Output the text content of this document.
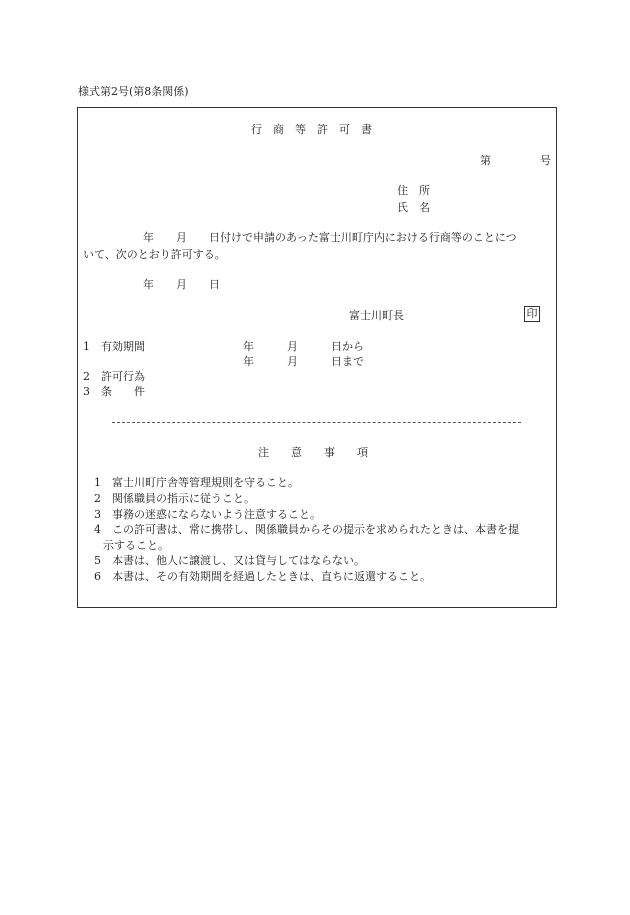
様式第2号(第8条関係)
行　商　等　許　可　書
第	号
住　所
氏　名
年　　月　　日付けで申請のあった富士川町庁内における行商等のことにつ
いて、次のとおり許可する。
年　　月　　日
富士川町長	印
1 有効期間	年　　　月　　　日から
年　　　月　　　日まで
2　許可行為
3　条　　件
注　　意　　事　　項
1　富士川町庁舎等管理規則を守ること。
2　関係職員の指示に従うこと。
3　事務の迷惑にならないよう注意すること。
4　この許可書は、常に携帯し、関係職員からその提示を求められたときは、本書を提
示すること。
5　本書は、他人に譲渡し、又は貸与してはならない。
6　本書は、その有効期間を経過したときは、直ちに返還すること。
